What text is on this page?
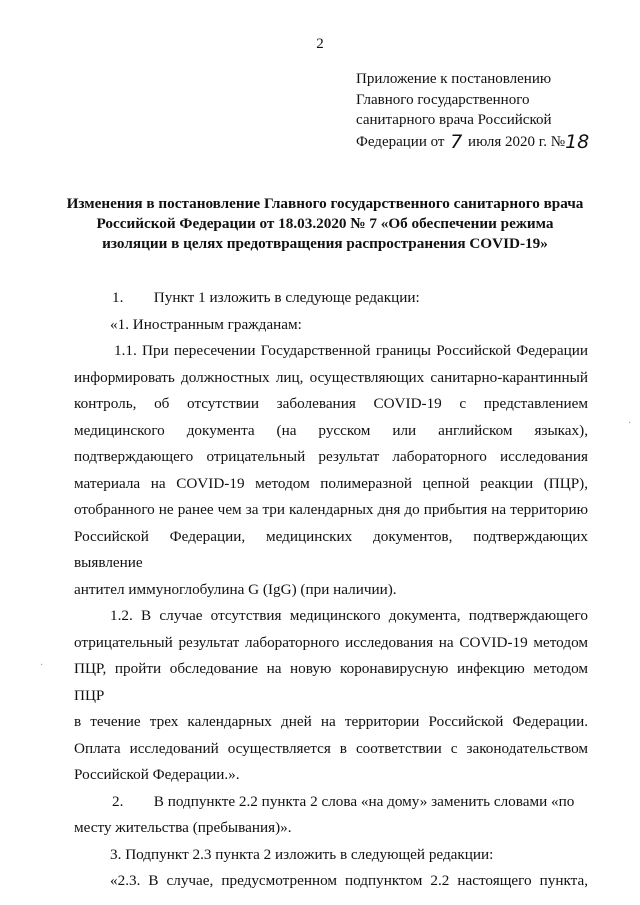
2
Приложение к постановлению
Главного государственного
санитарного врача Российской
Федерации от 7 июля 2020 г. №18
Изменения в постановление Главного государственного санитарного врача
Российской Федерации от 18.03.2020 № 7 «Об обеспечении режима
изоляции в целях предотвращения распространения COVID-19»
1.        Пункт 1 изложить в следующе редакции:
«1. Иностранным гражданам:
1.1. При пересечении Государственной границы Российской Федерации
информировать должностных лиц, осуществляющих санитарно-карантинный
контроль, об отсутствии заболевания COVID-19 с представлением
медицинского документа (на русском или английском языках),
подтверждающего отрицательный результат лабораторного исследования
материала на COVID-19 методом полимеразной цепной реакции (ПЦР),
отобранного не ранее чем за три календарных дня до прибытия на территорию
Российской Федерации, медицинских документов, подтверждающих выявление
антител иммуноглобулина G (IgG) (при наличии).
1.2. В случае отсутствия медицинского документа, подтверждающего
отрицательный результат лабораторного исследования на COVID-19 методом
ПЦР, пройти обследование на новую коронавирусную инфекцию методом ПЦР
в течение трех календарных дней на территории Российской Федерации.
Оплата исследований осуществляется в соответствии с законодательством
Российской Федерации.».
2.        В подпункте 2.2 пункта 2 слова «на дому» заменить словами «по
месту жительства (пребывания)».
3. Подпункт 2.3 пункта 2 изложить в следующей редакции:
«2.3. В случае, предусмотренном подпунктом 2.2 настоящего пункта,
·
·
